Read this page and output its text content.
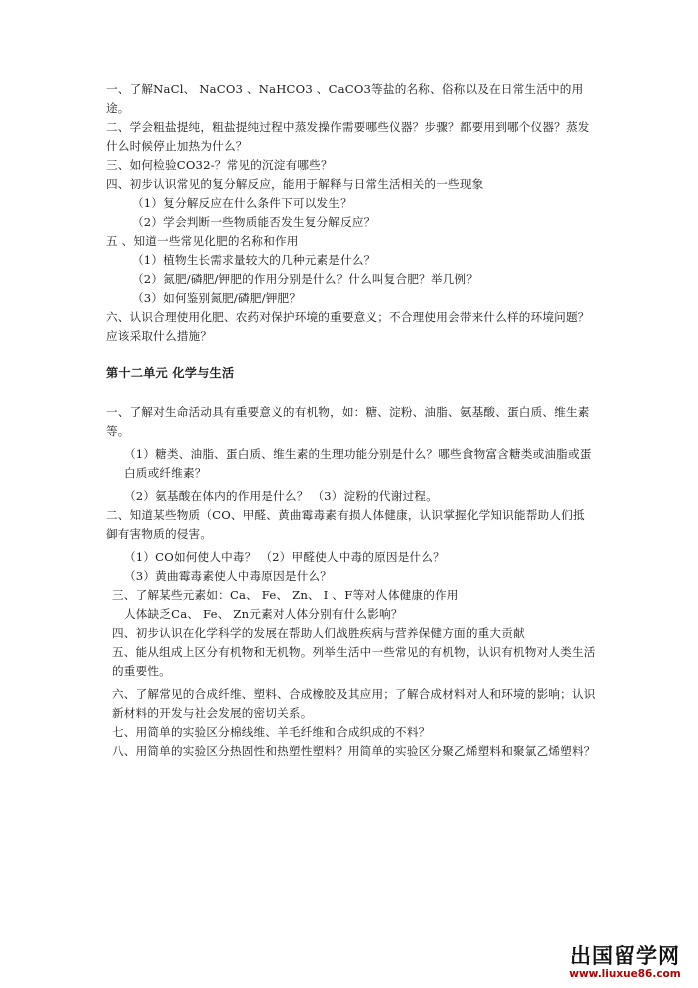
一、了解NaCl、 NaCO3 、NaHCO3 、CaCO3等盐的名称、俗称以及在日常生活中的用途。

二、学会粗盐提纯，粗盐提纯过程中蒸发操作需要哪些仪器？步骤？都要用到哪个仪器？蒸发什么时候停止加热为什么？

三、如何检验CO32-？常见的沉淀有哪些？

四、初步认识常见的复分解反应，能用于解释与日常生活相关的一些现象

（1）复分解反应在什么条件下可以发生？

（2）学会判断一些物质能否发生复分解反应？

五 、知道一些常见化肥的名称和作用

（1）植物生长需求量较大的几种元素是什么？

（2）氮肥/磷肥/钾肥的作用分别是什么？什么叫复合肥？举几例？

（3）如何鉴别氮肥/磷肥/钾肥？

六、认识合理使用化肥、农药对保护环境的重要意义；不合理使用会带来什么样的环境问题？应该采取什么措施？

第十二单元 化学与生活

一、了解对生命活动具有重要意义的有机物，如：糖、淀粉、油脂、氨基酸、蛋白质、维生素等。

（1）糖类、油脂、蛋白质、维生素的生理功能分别是什么？哪些食物富含糖类或油脂或蛋白质或纤维素？

（2）氨基酸在体内的作用是什么？ （3）淀粉的代谢过程。

二、知道某些物质（CO、甲醛、黄曲霉毒素有损人体健康，认识掌握化学知识能帮助人们抵御有害物质的侵害。

（1）CO如何使人中毒？ （2）甲醛使人中毒的原因是什么？

（3）黄曲霉毒素使人中毒原因是什么？

三、了解某些元素如：Ca、 Fe、 Zn、 I 、F等对人体健康的作用

人体缺乏Ca、 Fe、 Zn元素对人体分别有什么影响？

四、初步认识在化学科学的发展在帮助人们战胜疾病与营养保健方面的重大贡献

五、能从组成上区分有机物和无机物。列举生活中一些常见的有机物，认识有机物对人类生活的重要性。

六、了解常见的合成纤维、塑料、合成橡胶及其应用；了解合成材料对人和环境的影响；认识新材料的开发与社会发展的密切关系。

七、用简单的实验区分棉线维、羊毛纤维和合成织成的不料？

八、用简单的实验区分热固性和热塑性塑料？用简单的实验区分聚乙烯塑料和聚氯乙烯塑料？

出国留学网
www.liuxue86.com
